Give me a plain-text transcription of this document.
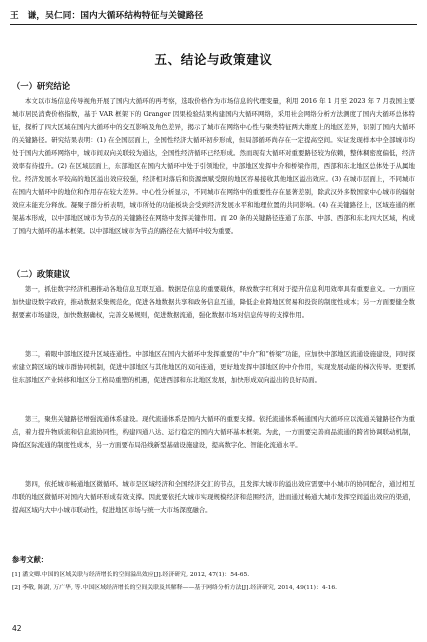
王　谦，吴仁同：国内大循环结构特征与关键路径
五、结论与政策建议
（一）研究结论

本文以市场信息传导视角开展了国内大循环的再考察，选取价格作为市场信息的代理变量，利用 2016 年 1 月至 2023 年 7 月我国主要城市居民消费价格指数，基于 VAR 框架下的 Granger 因果检验结果构建国内大循环网络，采用社会网络分析方法测度了国内大循环总体特征，探析了四大区域在国内大循环中的交互影响及角色差异，揭示了城市在网络中心性与聚类特征两大维度上的地区差异，识别了国内大循环的关键路径。研究结果表明：(1) 在全国层面上，全国性经济大循环初步形成，但局部循环尚存在一定提高空间。实证发现样本中全部城市均处于国内大循环网络中，城市间双向关联较为通达，全国性经济循环已经形成。然而现有大循环对重要路径较为依赖，整体稠密度偏低，经济效率有待提升。(2) 在区域层面上，东部地区在国内大循环中处于引领地位，中部地区发挥中介和桥梁作用，西部和东北地区总体处于从属地位。经济发展水平较高的地区溢出效应较强，经济相对落后和资源禀赋受限的地区容易接收其他地区溢出效应。(3) 在城市层面上，不同城市在国内大循环中的地位和作用存在较大差异。中心性分析显示，不同城市在网络中的重要性存在显著差别，除武汉外多数国家中心城市的辐射效应未能充分释放。凝聚子群分析表明，城市所处的功能板块会受到经济发展水平和地理位置的共同影响。(4) 在关键路径上，区域连通的框架基本形成，以中部地区城市为节点的关键路径在网络中发挥关键作用。而 20 条的关键路径连通了东部、中部、西部和东北四大区域，构成了国内大循环的基本框架。以中部地区城市为节点的路径在大循环中较为重要。

（二）政策建议

第一，抓住数字经济机遇推动各地信息互联互通。数据是信息的重要载体，释放数字红利对于提升信息利用效率具有重要意义。一方面应加快建设数字政府，推动数据采集规范化，促进各地数据共享和政务信息互通，降低企业跨地区贸易和投资的制度性成本；另一方面要健全数据要素市场建设，加快数据确权，完善交易规则，促进数据流通，强化数据市场对信息传导的支撑作用。

第二，着眼中部地区提升区域连通性。中部地区在国内大循环中发挥重要的“中介”和“桥梁”功能，应加快中部地区流通设施建设，同时探索建立跨区域的城市群协同机制，促进中部地区与其他地区的双向连通，更好地发挥中部地区的中介作用，实现发展动能的梯次传导。更要抓住东部地区产业转移和地区分工格局重塑的机遇，促进西部和东北地区发展，加快形成双向溢出的良好局面。

第三，聚焦关键路径增强流通体系建设。现代流通体系是国内大循环的重要支撑。依托流通体系畅通国内大循环应以流通关键路径作为重点，着力提升物质流和信息流协同性，构建四通八达、运行稳定的国内大循环基本框架。为此，一方面要完善商品流通的跨省协调联动机制，降低区际流通的制度性成本，另一方面要布局沿线新型基础设施建设，提高数字化、智能化流通水平。

第四，依托城市畅通地区微循环。城市是区域经济和全国经济交汇的节点，且发挥大城市的溢出效应需要中小城市的协同配合，通过相互串联的地区微循环对国内大循环形成有效支撑。因此要依托大城市实现规模经济和范围经济，进而通过畅通大城市发挥空间溢出效应的渠道，提高区域内大中小城市联动性，促进地区市场与统一大市场深度融合。

参考文献：
[1] 潘文卿.中国的区域关联与经济增长的空间溢出效应[J].经济研究, 2012, 47(1)：54-65.
[2] 李敬, 陈澍, 万广华, 等.中国区域经济增长的空间关联及其解释——基于网络分析方法[J].经济研究, 2014, 49(11)：4-16.
42
